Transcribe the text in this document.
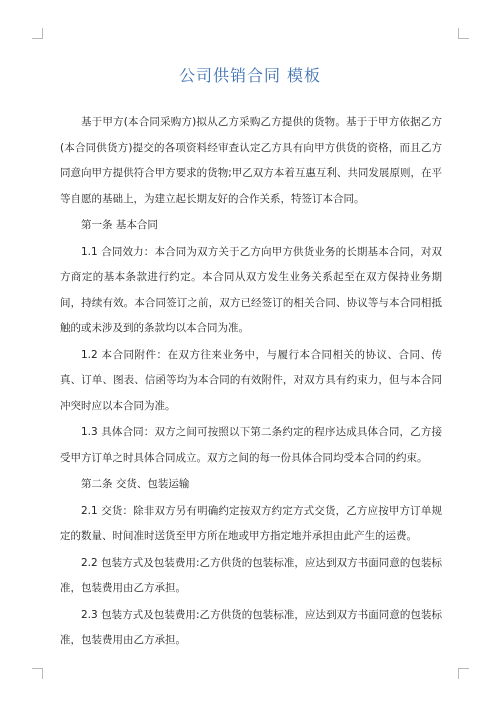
公司供销合同 模板

基于甲方(本合同采购方)拟从乙方采购乙方提供的货物。基于于甲方依据乙方(本合同供货方)提交的各项资料经审查认定乙方具有向甲方供货的资格，而且乙方同意向甲方提供符合甲方要求的货物;甲乙双方本着互惠互利、共同发展原则，在平等自愿的基础上，为建立起长期友好的合作关系，特签订本合同。

第一条 基本合同

1.1 合同效力：本合同为双方关于乙方向甲方供货业务的长期基本合同，对双方商定的基本条款进行约定。本合同从双方发生业务关系起至在双方保持业务期间，持续有效。本合同签订之前，双方已经签订的相关合同、协议等与本合同相抵触的或未涉及到的条款均以本合同为准。

1.2 本合同附件：在双方往来业务中，与履行本合同相关的协议、合同、传真、订单、图表、信函等均为本合同的有效附件，对双方具有约束力，但与本合同冲突时应以本合同为准。

1.3 具体合同：双方之间可按照以下第二条约定的程序达成具体合同，乙方接受甲方订单之时具体合同成立。双方之间的每一份具体合同均受本合同的约束。

第二条 交货、包装运输

2.1 交货：除非双方另有明确约定按双方约定方式交货，乙方应按甲方订单规定的数量、时间准时送货至甲方所在地或甲方指定地并承担由此产生的运费。

2.2 包装方式及包装费用:乙方供货的包装标准，应达到双方书面同意的包装标准，包装费用由乙方承担。

2.3 包装方式及包装费用:乙方供货的包装标准，应达到双方书面同意的包装标准，包装费用由乙方承担。
